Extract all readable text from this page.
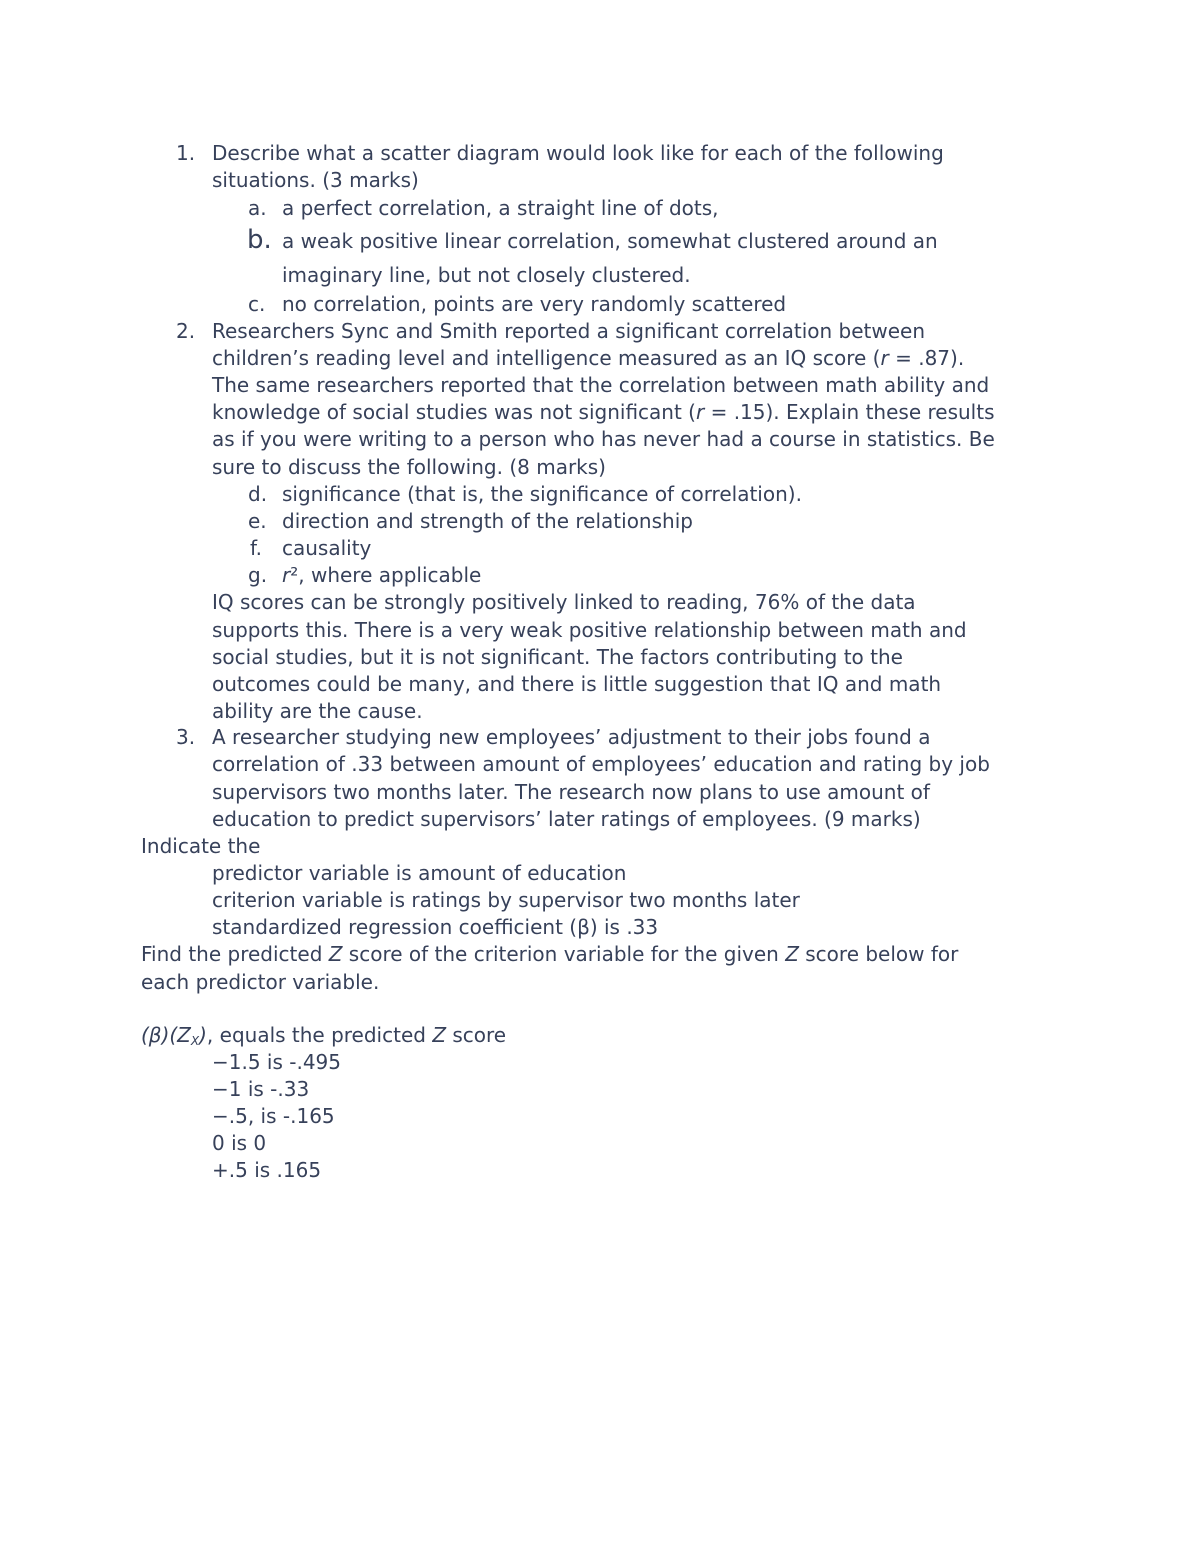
1. Describe what a scatter diagram would look like for each of the following
situations. (3 marks)
a. a perfect correlation, a straight line of dots,
b. a weak positive linear correlation, somewhat clustered around an
imaginary line, but not closely clustered.
c. no correlation, points are very randomly scattered
2. Researchers Sync and Smith reported a significant correlation between
children’s reading level and intelligence measured as an IQ score (r = .87).
The same researchers reported that the correlation between math ability and
knowledge of social studies was not significant (r = .15). Explain these results
as if you were writing to a person who has never had a course in statistics. Be
sure to discuss the following. (8 marks)
d. significance (that is, the significance of correlation).
e. direction and strength of the relationship
f. causality
g. r², where applicable
IQ scores can be strongly positively linked to reading, 76% of the data
supports this. There is a very weak positive relationship between math and
social studies, but it is not significant. The factors contributing to the
outcomes could be many, and there is little suggestion that IQ and math
ability are the cause.
3. A researcher studying new employees’ adjustment to their jobs found a
correlation of .33 between amount of employees’ education and rating by job
supervisors two months later. The research now plans to use amount of
education to predict supervisors’ later ratings of employees. (9 marks)
Indicate the
predictor variable is amount of education
criterion variable is ratings by supervisor two months later
standardized regression coefficient (β) is .33
Find the predicted Z score of the criterion variable for the given Z score below for
each predictor variable.
(β)(ZX), equals the predicted Z score
−1.5 is -.495
−1 is -.33
−.5, is -.165
0 is 0
+.5 is .165
